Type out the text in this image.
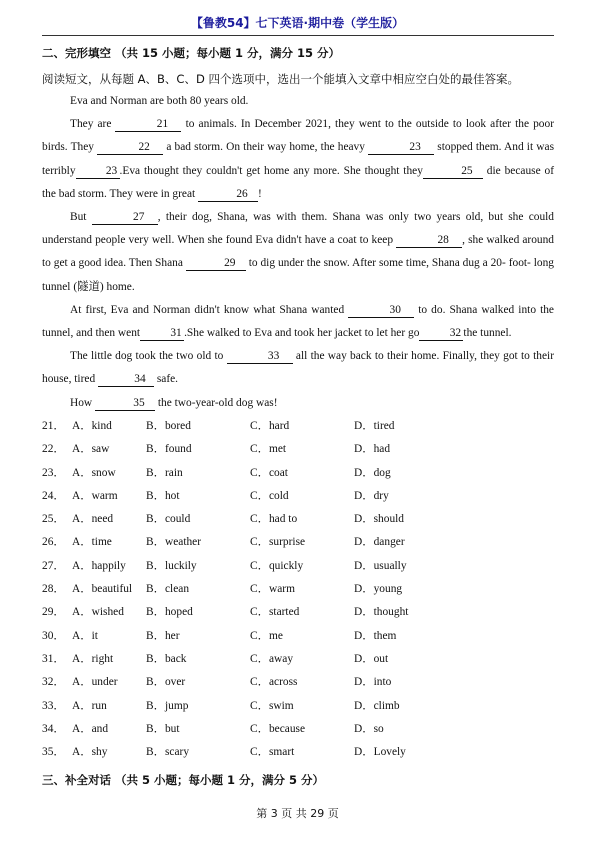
【鲁教54】七下英语·期中卷（学生版）
二、完形填空 （共 15 小题；每小题 1 分，满分 15 分）
阅读短文，从每题 A、B、C、D 四个选项中，选出一个能填入文章中相应空白处的最佳答案。

Eva and Norman are both 80 years old.

They are	21 to animals. In December 2021, they went to the outside to look after the poor birds. They	22 a bad storm. On their way home, the heavy	23 stopped them. And it was terribly	23 .Eva thought they couldn't get home any more. She thought they	25 die because of the bad storm. They were in great	26 !

But	27 , their dog, Shana, was with them. Shana was only two years old, but she could understand people very well. When she found Eva didn't have a coat to keep	28 , she walked around to get a good idea. Then Shana	29 to dig under the snow. After some time, Shana dug a 20- foot- long tunnel (隧道) home.

At first, Eva and Norman didn't know what Shana wanted	30 to do. Shana walked into the tunnel, and then went	31 .She walked to Eva and took her jacket to let her go	32 the tunnel.

The little dog took the two old to	33 all the way back to their home. Finally, they got to their house, tired	34 safe.

How	35 the two-year-old dog was!

21． A．kind	B．bored	C．hard	D．tired
22． A．saw	B．found	C．met	D．had
23． A．snow	B．rain	C．coat	D．dog
24． A．warm B．hot	C．cold	D．dry
25． A．need	B．could	C．had to	D．should
26． A．time	B．weather	C．surprise	D．danger
27． A．happily B．luckily	C．quickly	D．usually
28． A．beautiful B．clean	C．warm	D．young
29． A．wished B．hoped	C．started	D．thought
30． A．it	B．her	C．me	D．them
31． A．right	B．back	C．away	D．out
32． A．under B．over	C．across	D．into
33． A．run	B．jump	C．swim	D．climb
34． A．and	B．but	C．because	D．so
35． A．shy	B．scary	C．smart	D．Lovely
三、补全对话 （共 5 小题；每小题 1 分，满分 5 分）
第 3 页 共 29 页
